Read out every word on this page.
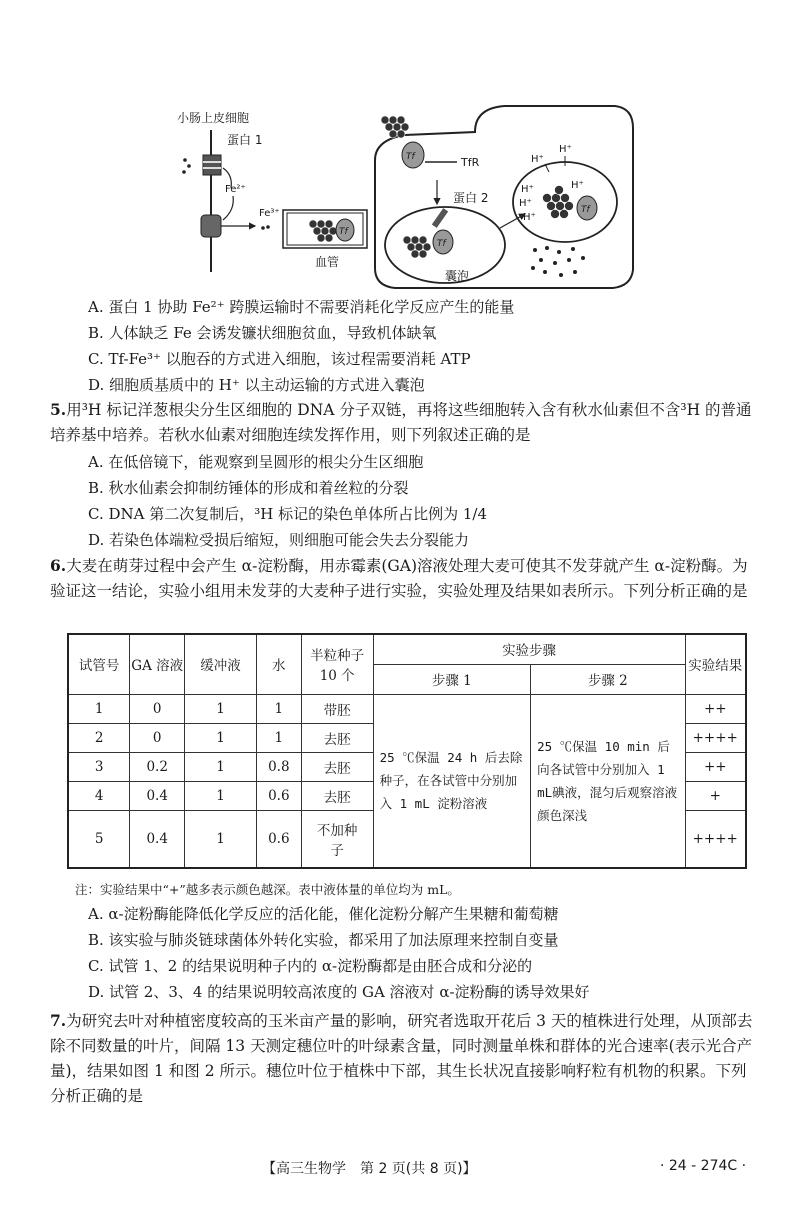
小肠上皮细胞
蛋白 1
Fe²⁺
Fe³⁺
Tf
血管
Tf	TfR
蛋白 2
Tf
囊泡
Tf
H⁺
H⁺
H⁺
H⁺
H⁺
H⁺
A. 蛋白 1 协助 Fe²⁺ 跨膜运输时不需要消耗化学反应产生的能量
B. 人体缺乏 Fe 会诱发镰状细胞贫血，导致机体缺氧
C. Tf-Fe³⁺ 以胞吞的方式进入细胞，该过程需要消耗 ATP
D. 细胞质基质中的 H⁺ 以主动运输的方式进入囊泡
5.用³H 标记洋葱根尖分生区细胞的 DNA 分子双链，再将这些细胞转入含有秋水仙素但不含³H 的普通培养基中培养。若秋水仙素对细胞连续发挥作用，则下列叙述正确的是
A. 在低倍镜下，能观察到呈圆形的根尖分生区细胞
B. 秋水仙素会抑制纺锤体的形成和着丝粒的分裂
C. DNA 第二次复制后，³H 标记的染色单体所占比例为 1/4
D. 若染色体端粒受损后缩短，则细胞可能会失去分裂能力
6.大麦在萌芽过程中会产生 α-淀粉酶，用赤霉素(GA)溶液处理大麦可使其不发芽就产生 α-淀粉酶。为验证这一结论，实验小组用未发芽的大麦种子进行实验，实验处理及结果如表所示。下列分析正确的是
试管号	GA 溶液	缓冲液	水	半粒种子 10 个	实验步骤		实验结果
					步骤 1	步骤 2	
1	0	1	1	带胚	25 ℃保温 24 h 后去除种子，在各试管中分别加入 1 mL 淀粉溶液	25 ℃保温 10 min 后向各试管中分别加入 1 mL碘液，混匀后观察溶液颜色深浅	++
2	0	1	1	去胚			++++
3	0.2	1	0.8	去胚			++
4	0.4	1	0.6	去胚			+
5	0.4	1	0.6	不加种子			++++
注：实验结果中“+”越多表示颜色越深。表中液体量的单位均为 mL。
A. α-淀粉酶能降低化学反应的活化能，催化淀粉分解产生果糖和葡萄糖
B. 该实验与肺炎链球菌体外转化实验，都采用了加法原理来控制自变量
C. 试管 1、2 的结果说明种子内的 α-淀粉酶都是由胚合成和分泌的
D. 试管 2、3、4 的结果说明较高浓度的 GA 溶液对 α-淀粉酶的诱导效果好
7.为研究去叶对种植密度较高的玉米亩产量的影响，研究者选取开花后 3 天的植株进行处理，从顶部去除不同数量的叶片，间隔 13 天测定穗位叶的叶绿素含量，同时测量单株和群体的光合速率(表示光合产量)，结果如图 1 和图 2 所示。穗位叶位于植株中下部，其生长状况直接影响籽粒有机物的积累。下列分析正确的是
【高三生物学　第 2 页(共 8 页)】	· 24 - 274C ·
